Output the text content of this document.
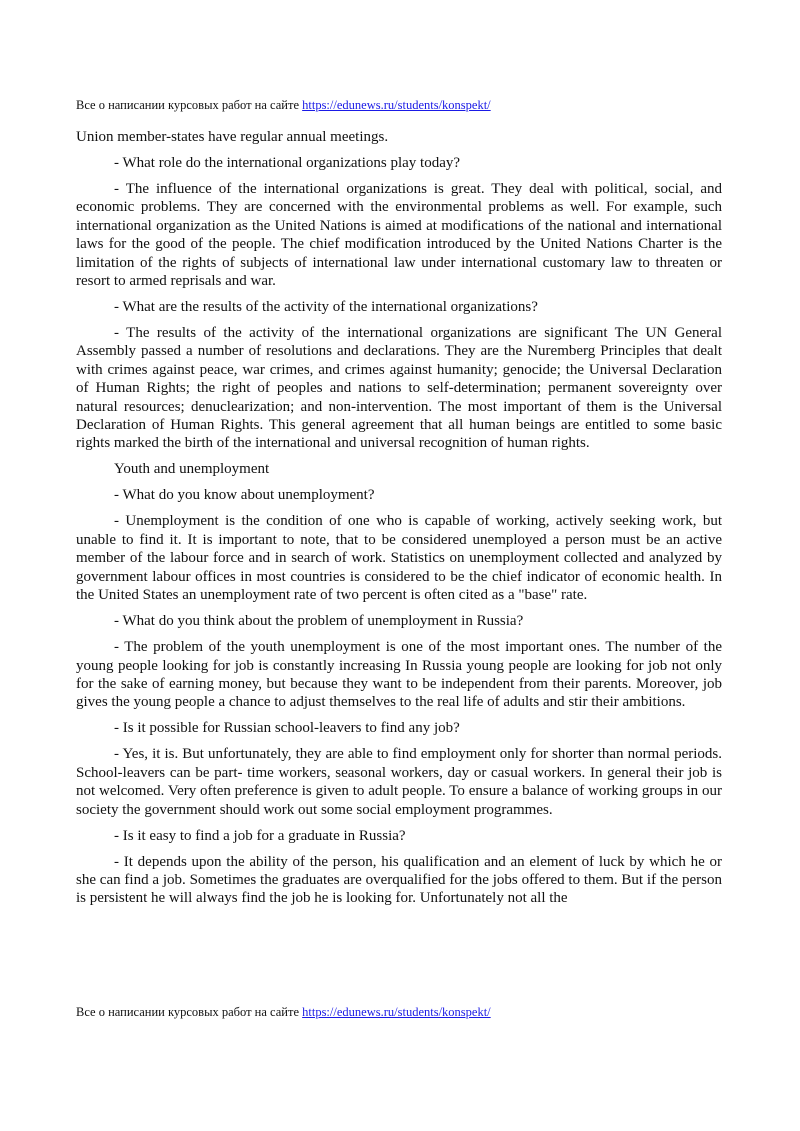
Все о написании курсовых работ на сайте https://edunews.ru/students/konspekt/

Union member-states have regular annual meetings.

- What role do the international organizations play today?

- The influence of the international organizations is great. They deal with political, social, and economic problems. They are concerned with the environmental problems as well. For example, such international organization as the United Nations is aimed at modifications of the national and international laws for the good of the people. The chief modification introduced by the United Nations Charter is the limitation of the rights of subjects of international law under international customary law to threaten or resort to armed reprisals and war.

- What are the results of the activity of the international organizations?

- The results of the activity of the international organizations are significant The UN General Assembly passed a number of resolutions and declarations. They are the Nuremberg Principles that dealt with crimes against peace, war crimes, and crimes against humanity; genocide; the Universal Declaration of Human Rights; the right of peoples and nations to self-determination; permanent sovereignty over natural resources; denuclearization; and non-intervention. The most important of them is the Universal Declaration of Human Rights. This general agreement that all human beings are entitled to some basic rights marked the birth of the international and universal recognition of human rights.

Youth and unemployment

- What do you know about unemployment?

- Unemployment is the condition of one who is capable of working, actively seeking work, but unable to find it. It is important to note, that to be considered unemployed a person must be an active member of the labour force and in search of work. Statistics on unemployment collected and analyzed by government labour offices in most countries is considered to be the chief indicator of economic health. In the United States an unemployment rate of two percent is often cited as a "base" rate.

- What do you think about the problem of unemployment in Russia?

- The problem of the youth unemployment is one of the most important ones. The number of the young people looking for job is constantly increasing In Russia young people are looking for job not only for the sake of earning money, but because they want to be independent from their parents. Moreover, job gives the young people a chance to adjust themselves to the real life of adults and stir their ambitions.

- Is it possible for Russian school-leavers to find any job?

- Yes, it is. But unfortunately, they are able to find employment only for shorter than normal periods. School-leavers can be part- time workers, seasonal workers, day or casual workers. In general their job is not welcomed. Very often preference is given to adult people. To ensure a balance of working groups in our society the government should work out some social employment programmes.

- Is it easy to find a job for a graduate in Russia?

- It depends upon the ability of the person, his qualification and an element of luck by which he or she can find a job. Sometimes the graduates are overqualified for the jobs offered to them. But if the person is persistent he will always find the job he is looking for. Unfortunately not all the

Все о написании курсовых работ на сайте https://edunews.ru/students/konspekt/
